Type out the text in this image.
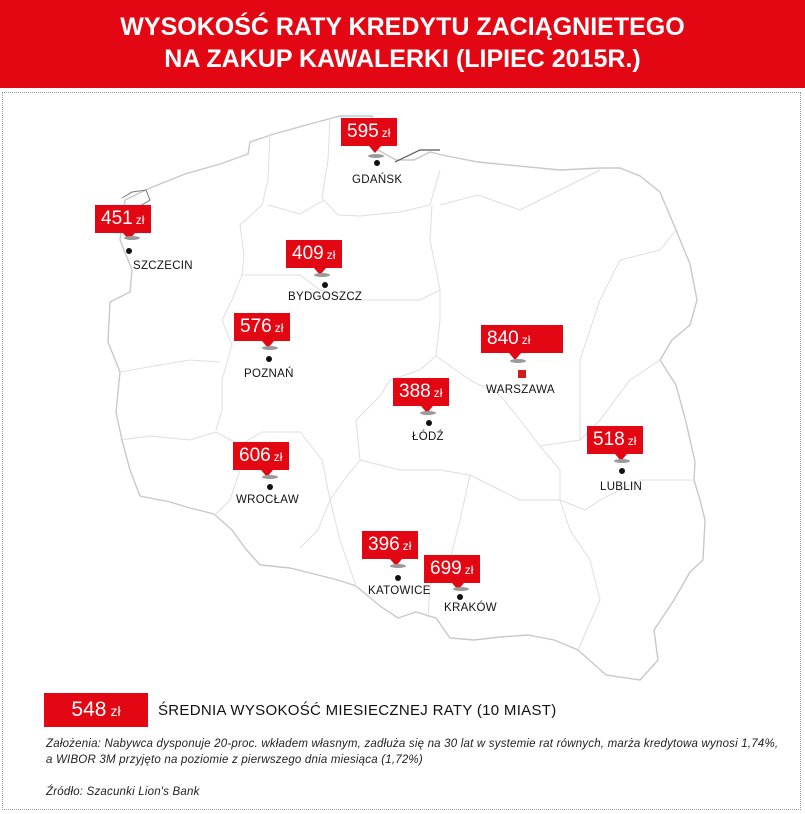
WYSOKOŚĆ RATY KREDYTU ZACIĄGNIETEGO
NA ZAKUP KAWALERKI (LIPIEC 2015R.)
595 zł
GDAŃSK
451 zł
SZCZECIN
409 zł
BYDGOSZCZ
576 zł
POZNAŃ
840 zł
WARSZAWA
388 zł
ŁÓDŹ	518 zł
LUBLIN
606 zł
WROCŁAW
396 zł
KATOWICE
699 zł
KRAKÓW
548 zł	ŚREDNIA WYSOKOŚĆ MIESIECZNEJ RATY (10 MIAST)
Założenia: Nabywca dysponuje 20-proc. wkładem własnym, zadłuża się na 30 lat w systemie rat równych, marża kredytowa wynosi 1,74%, a WIBOR 3M przyjęto na poziomie z pierwszego dnia miesiąca (1,72%)
Źródło: Szacunki Lion's Bank
